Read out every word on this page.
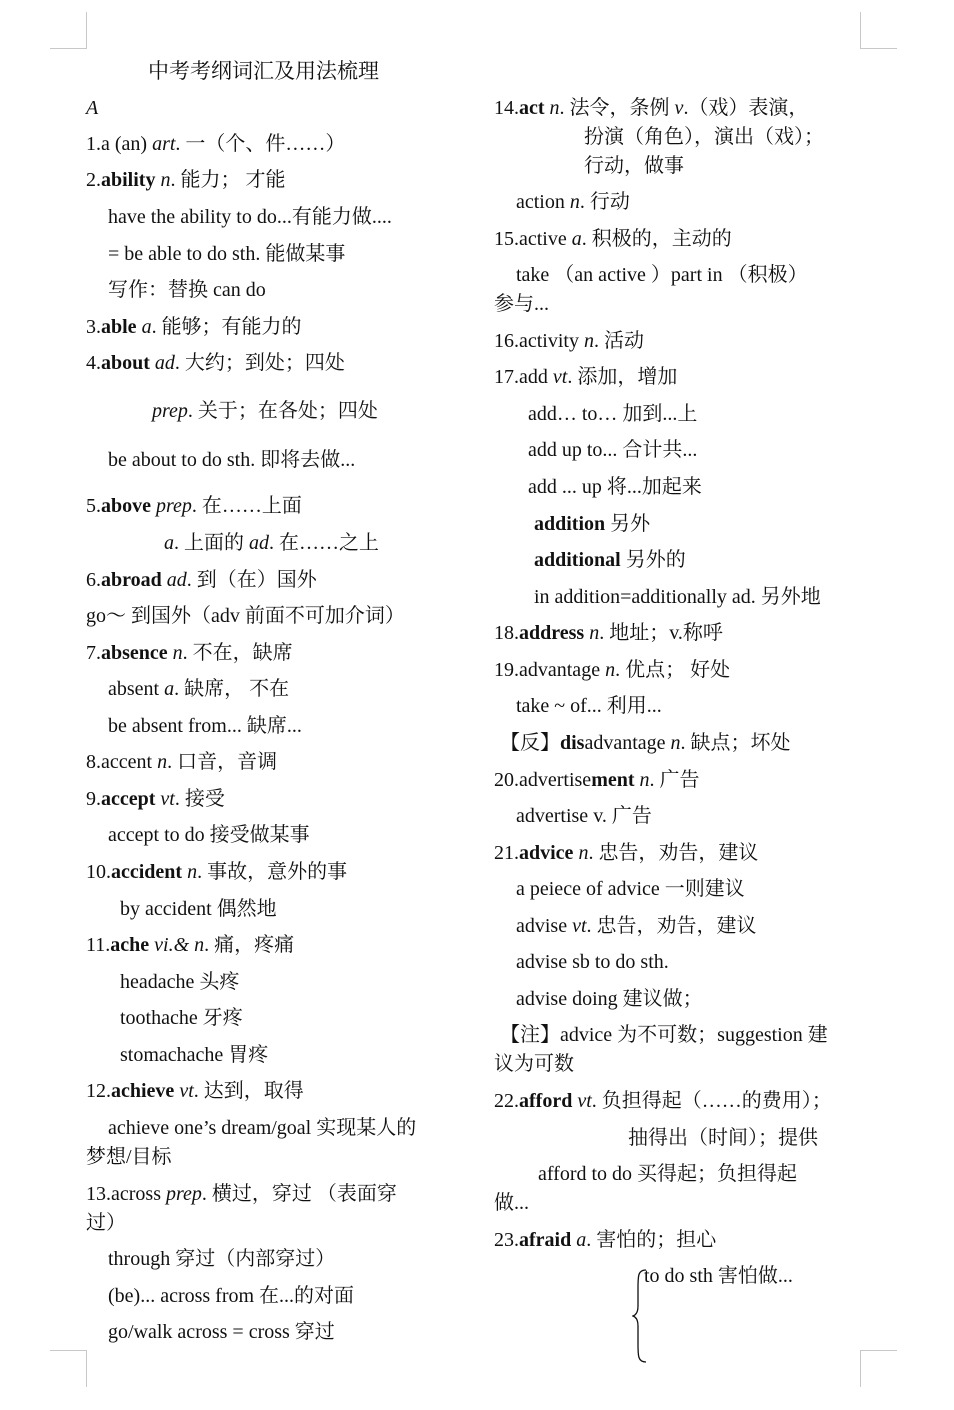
中考考纲词汇及用法梳理
A
1.a (an) art. 一（个、件……）
2.ability n. 能力； 才能
have the ability to do...有能力做....
= be able to do sth. 能做某事
写作：替换 can do
3.able a. 能够；有能力的
4.about ad. 大约；到处；四处
prep. 关于；在各处；四处
be about to do sth. 即将去做...
5.above prep. 在……上面
a. 上面的 ad. 在……之上
6.abroad ad. 到（在）国外
go～ 到国外（adv 前面不可加介词）
7.absence n. 不在，缺席
absent a. 缺席， 不在
be absent from... 缺席...
8.accent n. 口音，音调
9.accept vt. 接受
accept to do 接受做某事
10.accident n. 事故，意外的事
by accident 偶然地
11.ache vi.& n. 痛，疼痛
headache 头疼
toothache 牙疼
stomachache 胃疼
12.achieve vt. 达到，取得
achieve one’s dream/goal 实现某人的
梦想/目标
13.across prep. 横过，穿过 （表面穿
过）
through 穿过（内部穿过）
(be)... across from 在...的对面
go/walk across = cross 穿过
14.act n. 法令，条例 v.（戏）表演，
扮演（角色），演出（戏）；
行动，做事
action n. 行动
15.active a. 积极的，主动的
take （an active ）part in （积极）
参与...
16.activity n. 活动
17.add vt. 添加，增加
add… to… 加到...上
add up to... 合计共...
add ... up 将...加起来
addition 另外
additional 另外的
in addition=additionally ad. 另外地
18.address n. 地址；v.称呼
19.advantage n. 优点； 好处
take ~ of... 利用...
【反】disadvantage n. 缺点；坏处
20.advertisement n. 广告
advertise v. 广告
21.advice n. 忠告，劝告，建议
a peiece of advice 一则建议
advise vt. 忠告，劝告，建议
advise sb to do sth.
advise doing 建议做；
【注】advice 为不可数；suggestion 建
议为可数
22.afford vt. 负担得起（……的费用）；
抽得出（时间）；提供
afford to do 买得起；负担得起
做...
23.afraid a. 害怕的；担心
to do sth 害怕做...
